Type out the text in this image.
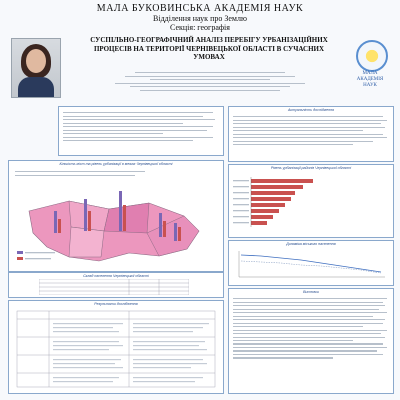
МАЛА БУКОВИНСЬКА АКАДЕМІЯ НАУК
Відділення наук про Землю
Секція: географія
СУСПІЛЬНО-ГЕОГРАФІЧНИЙ АНАЛІЗ ПЕРЕБІГУ УРБАНІЗАЦІЙНИХ ПРОЦЕСІВ НА ТЕРИТОРІЇ ЧЕРНІВЕЦЬКОЇ ОБЛАСТІ В СУЧАСНИХ УМОВАХ
МАЛА
АКАДЕМІЯ
НАУК
Актуальність дослідження
Кількість міст та рівень урбанізації в межах Чернівецької області
Рівень урбанізації районів Чернівецької області
Динаміка міського населення
Склад населення Чернівецької області
Результати дослідження
Висновки
